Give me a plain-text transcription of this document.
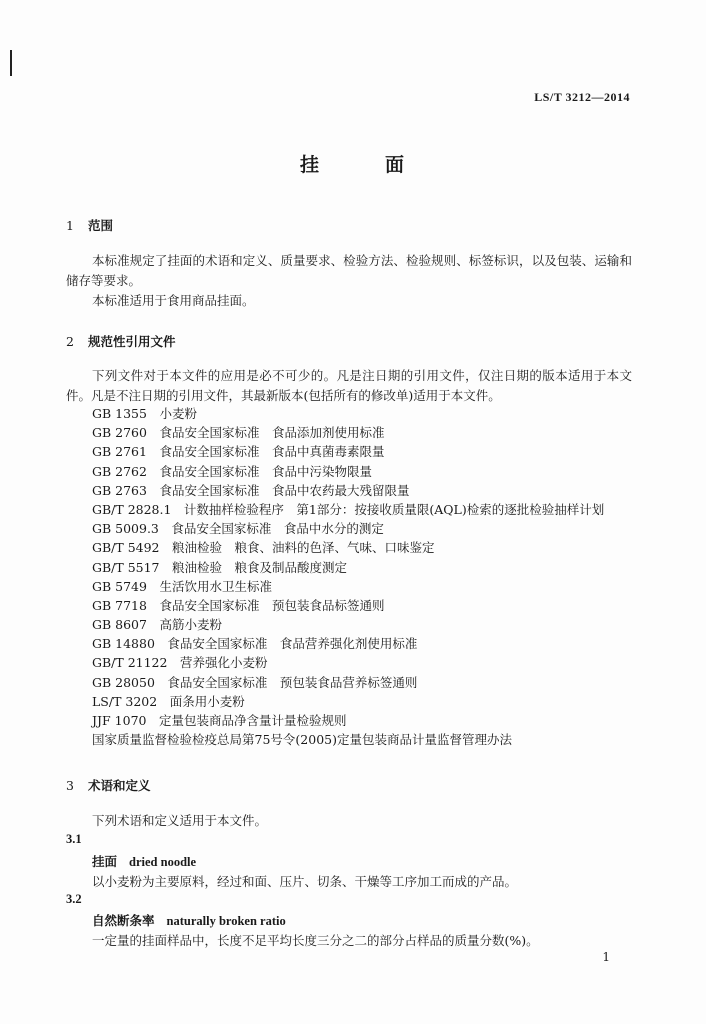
LS/T 3212—2014
挂	面
1 范围

本标准规定了挂面的术语和定义、质量要求、检验方法、检验规则、标签标识，以及包装、运输和储存等要求。

本标准适用于食用商品挂面。

2 规范性引用文件

下列文件对于本文件的应用是必不可少的。凡是注日期的引用文件，仅注日期的版本适用于本文件。凡是不注日期的引用文件，其最新版本(包括所有的修改单)适用于本文件。

GB 1355　小麦粉
GB 2760　食品安全国家标准　食品添加剂使用标准
GB 2761　食品安全国家标准　食品中真菌毒素限量
GB 2762　食品安全国家标准　食品中污染物限量
GB 2763　食品安全国家标准　食品中农药最大残留限量
GB/T 2828.1　计数抽样检验程序　第1部分：按接收质量限(AQL)检索的逐批检验抽样计划
GB 5009.3　食品安全国家标准　食品中水分的测定
GB/T 5492　粮油检验　粮食、油料的色泽、气味、口味鉴定
GB/T 5517　粮油检验　粮食及制品酸度测定
GB 5749　生活饮用水卫生标准
GB 7718　食品安全国家标准　预包装食品标签通则
GB 8607　高筋小麦粉
GB 14880　食品安全国家标准　食品营养强化剂使用标准
GB/T 21122　营养强化小麦粉
GB 28050　食品安全国家标准　预包装食品营养标签通则
LS/T 3202　面条用小麦粉
JJF 1070　定量包装商品净含量计量检验规则
国家质量监督检验检疫总局第75号令(2005)定量包装商品计量监督管理办法
3 术语和定义
下列术语和定义适用于本文件。
3.1
挂面 dried noodle
以小麦粉为主要原料，经过和面、压片、切条、干燥等工序加工而成的产品。
3.2
自然断条率 naturally broken ratio
一定量的挂面样品中，长度不足平均长度三分之二的部分占样品的质量分数(%)。
1
